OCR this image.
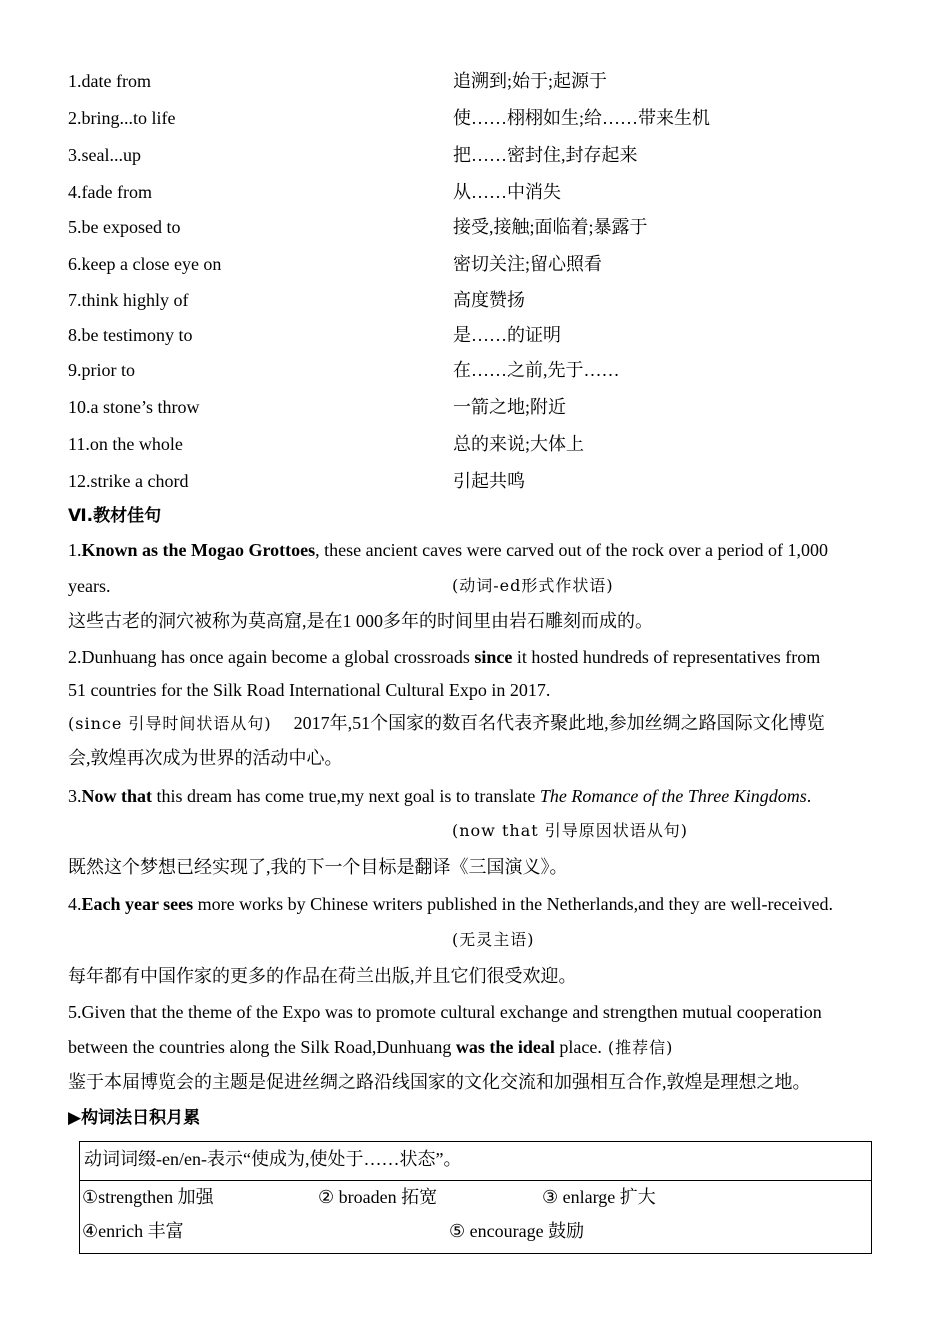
1.date from	追溯到;始于;起源于
2.bring...to life	使……栩栩如生;给……带来生机
3.seal...up	把……密封住,封存起来
4.fade from	从……中消失
5.be exposed to	接受,接触;面临着;暴露于
6.keep a close eye on	密切关注;留心照看
7.think highly of	高度赞扬
8.be testimony to	是……的证明
9.prior to	在……之前,先于……
10.a stone’s throw	一箭之地;附近
11.on the whole	总的来说;大体上
12.strike a chord	引起共鸣
Ⅵ.教材佳句
1.Known as the Mogao Grottoes, these ancient caves were carved out of the rock over a period of 1,000
years.	(动词-ed形式作状语)
这些古老的洞穴被称为莫高窟,是在1 000多年的时间里由岩石雕刻而成的。
2.Dunhuang has once again become a global crossroads since it hosted hundreds of representatives from
51 countries for the Silk Road International Cultural Expo in 2017.
(since 引导时间状语从句) 2017年,51个国家的数百名代表齐聚此地,参加丝绸之路国际文化博览
会,敦煌再次成为世界的活动中心。
3.Now that this dream has come true,my next goal is to translate The Romance of the Three Kingdoms.
(now that 引导原因状语从句)
既然这个梦想已经实现了,我的下一个目标是翻译《三国演义》。
4.Each year sees more works by Chinese writers published in the Netherlands,and they are well-received.
(无灵主语)
每年都有中国作家的更多的作品在荷兰出版,并且它们很受欢迎。
5.Given that the theme of the Expo was to promote cultural exchange and strengthen mutual cooperation
between the countries along the Silk Road,Dunhuang was the ideal place. (推荐信)
鉴于本届博览会的主题是促进丝绸之路沿线国家的文化交流和加强相互合作,敦煌是理想之地。
▶构词法日积月累
动词词缀-en/en-表示“使成为,使处于……状态”。

①strengthen 加强	② broaden 拓宽	③ enlarge 扩大
④enrich 丰富	⑤ encourage 鼓励
